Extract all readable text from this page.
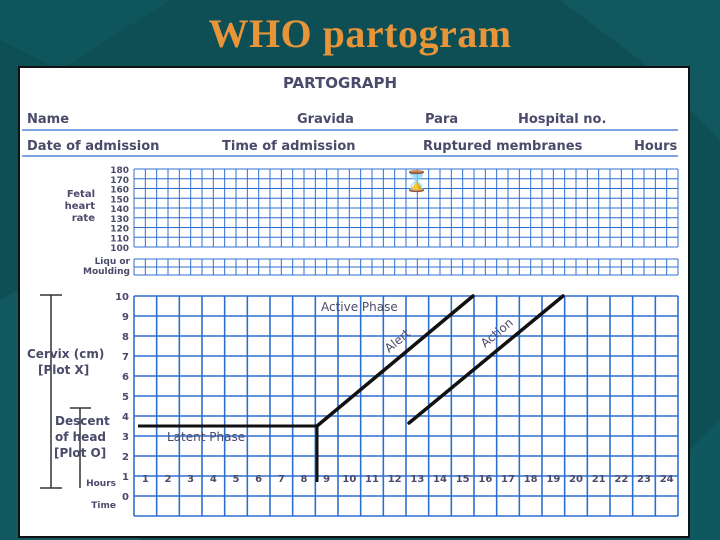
WHO partogram
PARTOGRAPH
Name	Gravida	Para	Hospital no.
Date of admission	Time of admission	Ruptured membranes	Hours
180
170
160
150
140
130
120
110
100
Fetal
heart
rate
Liqu or
Moulding
10
9
8
7
6
5
4
3
2
1
0
1 2 3 4 5 6 7 8 9 10 11 12 13 14 15 16 17 18 19 20 21 22 23 24
Hours
Time
Cervix (cm)
[Plot X]
Descent
of head
[Plot O]
Active Phase
Latent Phase
Alert	Action
⌛
